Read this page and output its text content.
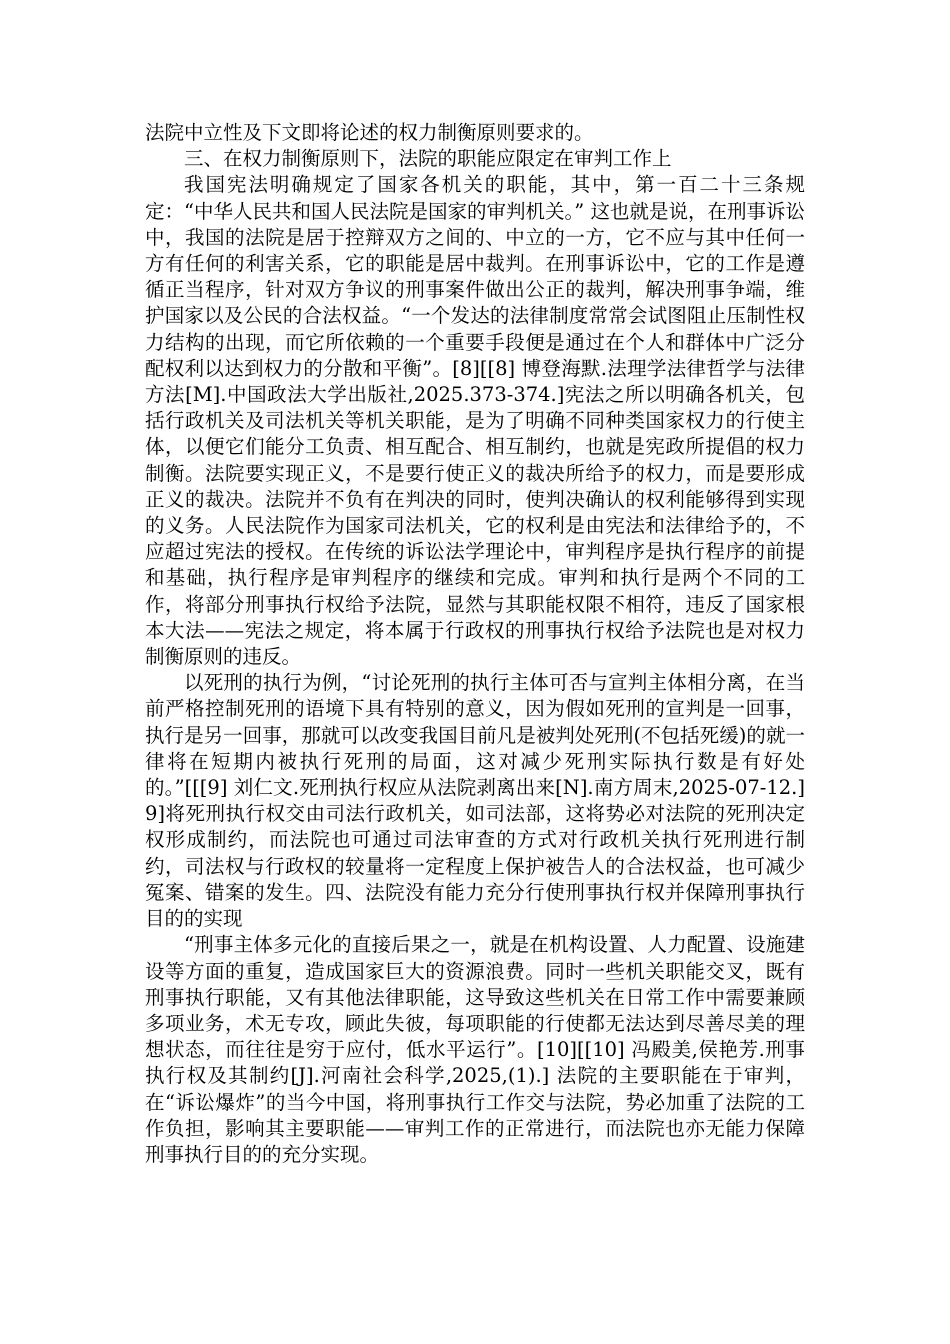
法院中立性及下文即将论述的权力制衡原则要求的。

三、在权力制衡原则下，法院的职能应限定在审判工作上

我国宪法明确规定了国家各机关的职能，其中，第一百二十三条规定：“中华人民共和国人民法院是国家的审判机关。” 这也就是说，在刑事诉讼中，我国的法院是居于控辩双方之间的、中立的一方，它不应与其中任何一方有任何的利害关系，它的职能是居中裁判。在刑事诉讼中，它的工作是遵循正当程序，针对双方争议的刑事案件做出公正的裁判，解决刑事争端，维护国家以及公民的合法权益。“一个发达的法律制度常常会试图阻止压制性权力结构的出现，而它所依赖的一个重要手段便是通过在个人和群体中广泛分配权利以达到权力的分散和平衡”。[8][[8] 博登海默.法理学法律哲学与法律方法[M].中国政法大学出版社,2025.373-374.]宪法之所以明确各机关，包括行政机关及司法机关等机关职能，是为了明确不同种类国家权力的行使主体，以便它们能分工负责、相互配合、相互制约，也就是宪政所提倡的权力制衡。法院要实现正义，不是要行使正义的裁决所给予的权力，而是要形成正义的裁决。法院并不负有在判决的同时，使判决确认的权利能够得到实现的义务。人民法院作为国家司法机关，它的权利是由宪法和法律给予的，不应超过宪法的授权。在传统的诉讼法学理论中，审判程序是执行程序的前提和基础，执行程序是审判程序的继续和完成。审判和执行是两个不同的工作，将部分刑事执行权给予法院，显然与其职能权限不相符，违反了国家根本大法——宪法之规定，将本属于行政权的刑事执行权给予法院也是对权力制衡原则的违反。

以死刑的执行为例，“讨论死刑的执行主体可否与宣判主体相分离，在当前严格控制死刑的语境下具有特别的意义，因为假如死刑的宣判是一回事，执行是另一回事，那就可以改变我国目前凡是被判处死刑(不包括死缓)的就一律将在短期内被执行死刑的局面，这对减少死刑实际执行数是有好处的。”[[[9] 刘仁文.死刑执行权应从法院剥离出来[N].南方周末,2025-07-12.]9]将死刑执行权交由司法行政机关，如司法部，这将势必对法院的死刑决定权形成制约，而法院也可通过司法审查的方式对行政机关执行死刑进行制约，司法权与行政权的较量将一定程度上保护被告人的合法权益，也可减少冤案、错案的发生。四、法院没有能力充分行使刑事执行权并保障刑事执行目的的实现

“刑事主体多元化的直接后果之一，就是在机构设置、人力配置、设施建设等方面的重复，造成国家巨大的资源浪费。同时一些机关职能交叉，既有刑事执行职能，又有其他法律职能，这导致这些机关在日常工作中需要兼顾多项业务，术无专攻，顾此失彼，每项职能的行使都无法达到尽善尽美的理想状态，而往往是穷于应付，低水平运行”。[10][[10] 冯殿美,侯艳芳.刑事执行权及其制约[J].河南社会科学,2025,(1).] 法院的主要职能在于审判，在“诉讼爆炸”的当今中国，将刑事执行工作交与法院，势必加重了法院的工作负担，影响其主要职能——审判工作的正常进行，而法院也亦无能力保障刑事执行目的的充分实现。
